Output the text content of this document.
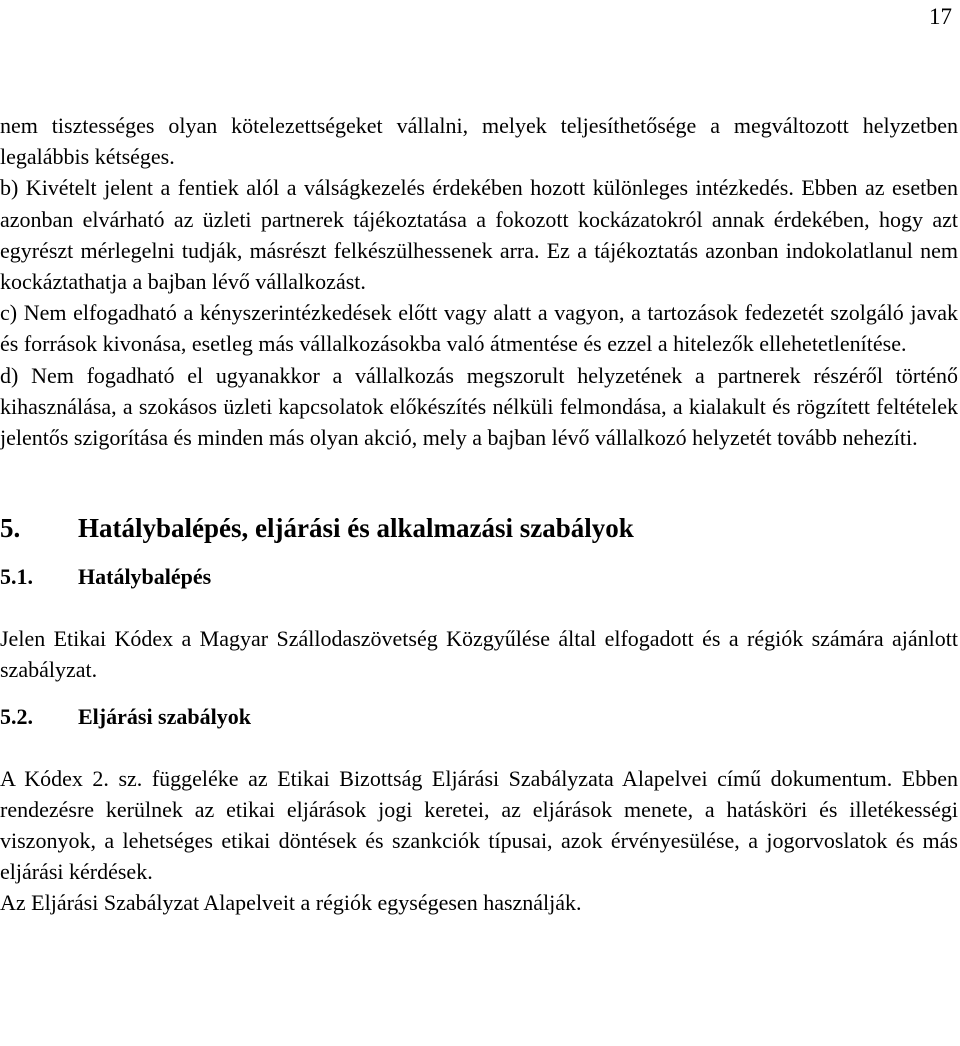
17

nem tisztességes olyan kötelezettségeket vállalni, melyek teljesíthetősége a megváltozott helyzetben legalábbis kétséges.

b) Kivételt jelent a fentiek alól a válságkezelés érdekében hozott különleges intézkedés. Ebben az esetben azonban elvárható az üzleti partnerek tájékoztatása a fokozott kockázatokról annak érdekében, hogy azt egyrészt mérlegelni tudják, másrészt felkészülhessenek arra. Ez a tájékoztatás azonban indokolatlanul nem kockáztathatja a bajban lévő vállalkozást.

c) Nem elfogadható a kényszerintézkedések előtt vagy alatt a vagyon, a tartozások fedezetét szolgáló javak és források kivonása, esetleg más vállalkozásokba való átmentése és ezzel a hitelezők ellehetetlenítése.

d) Nem fogadható el ugyanakkor a vállalkozás megszorult helyzetének a partnerek részéről történő kihasználása, a szokásos üzleti kapcsolatok előkészítés nélküli felmondása, a kialakult és rögzített feltételek jelentős szigorítása és minden más olyan akció, mely a bajban lévő vállalkozó helyzetét tovább nehezíti.

5. Hatálybalépés, eljárási és alkalmazási szabályok
5.1. Hatálybalépés

Jelen Etikai Kódex a Magyar Szállodaszövetség Közgyűlése által elfogadott és a régiók számára ajánlott szabályzat.

5.2. Eljárási szabályok

A Kódex 2. sz. függeléke az Etikai Bizottság Eljárási Szabályzata Alapelvei című dokumentum. Ebben rendezésre kerülnek az etikai eljárások jogi keretei, az eljárások menete, a hatásköri és illetékességi viszonyok, a lehetséges etikai döntések és szankciók típusai, azok érvényesülése, a jogorvoslatok és más eljárási kérdések.

Az Eljárási Szabályzat Alapelveit a régiók egységesen használják.
